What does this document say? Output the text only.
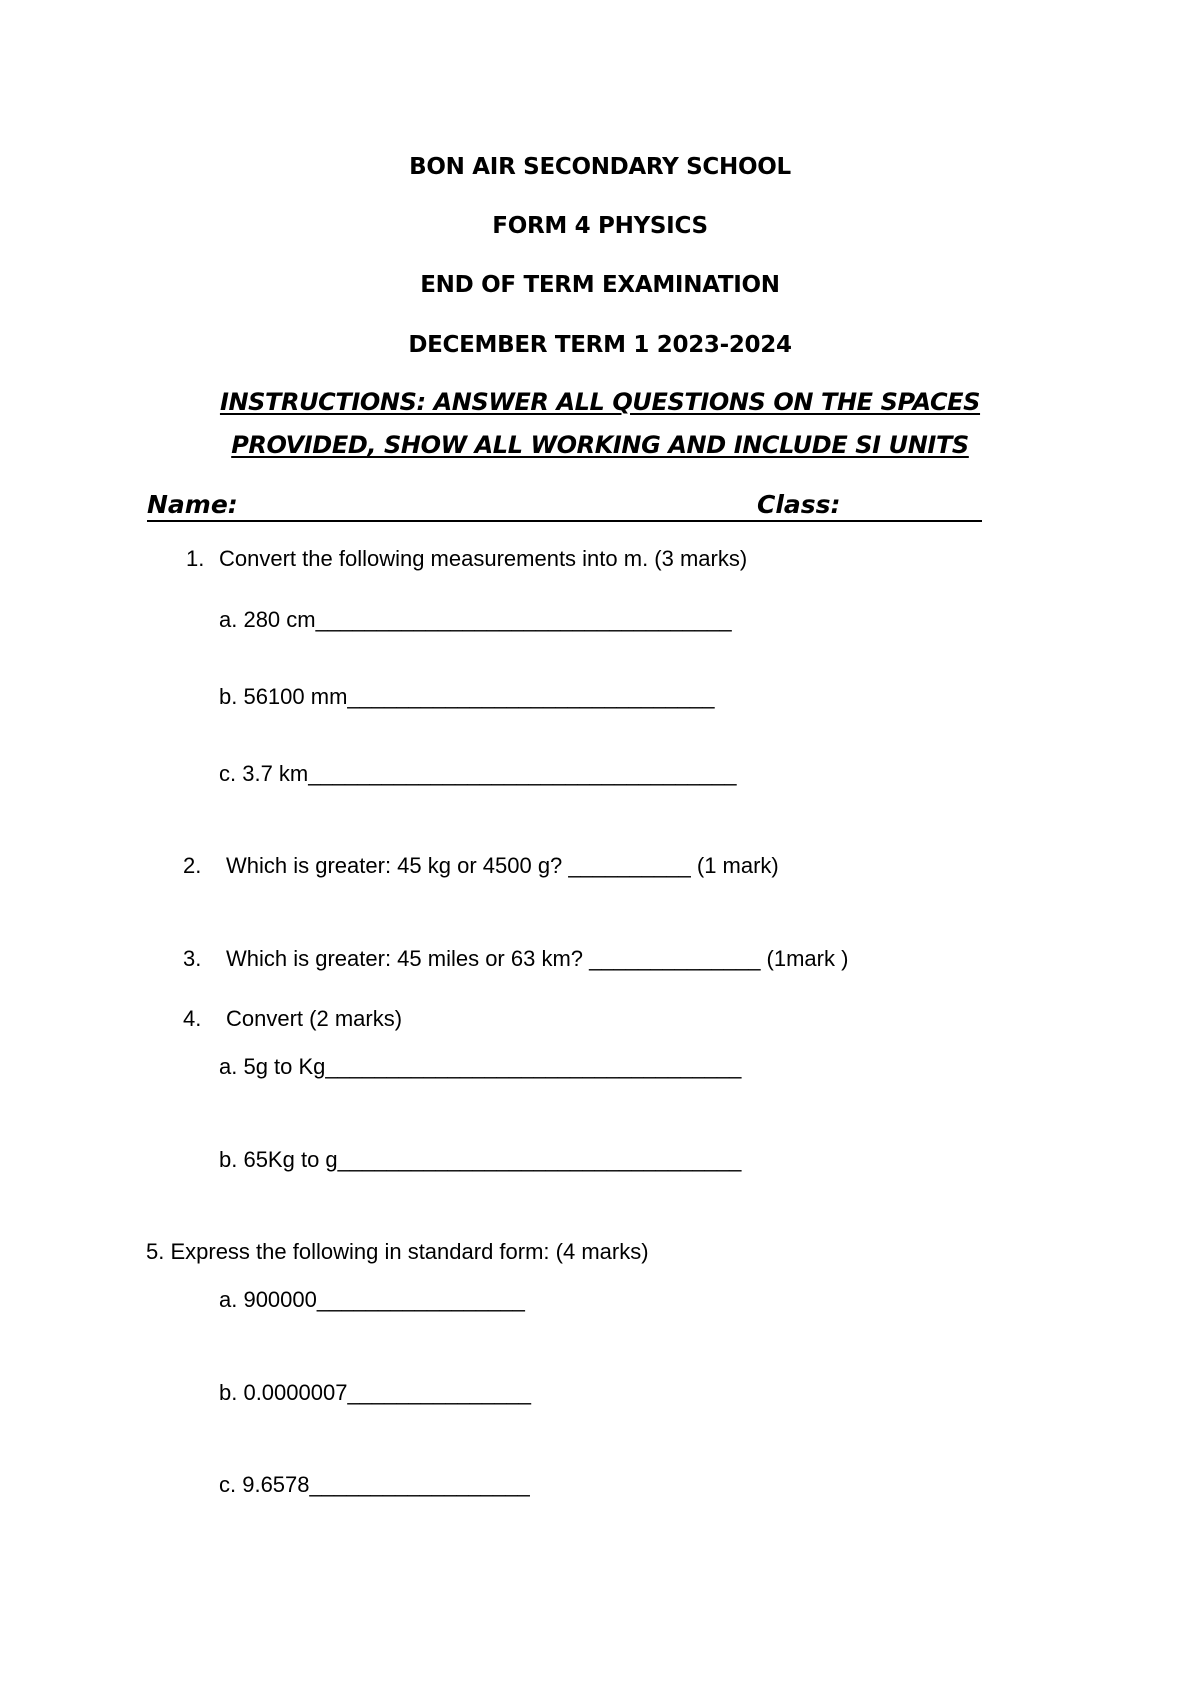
BON AIR SECONDARY SCHOOL
FORM 4 PHYSICS
END OF TERM EXAMINATION
DECEMBER TERM 1 2023-2024
INSTRUCTIONS: ANSWER ALL QUESTIONS ON THE SPACES
PROVIDED, SHOW ALL WORKING AND INCLUDE SI UNITS
Name:	Class:
1. Convert the following measurements into m. (3 marks)
a. 280 cm__________________________________
b. 56100 mm______________________________
c. 3.7 km___________________________________
2. Which is greater: 45 kg or 4500 g? __________ (1 mark)
3. Which is greater: 45 miles or 63 km? ______________ (1mark )
4. Convert (2 marks)
a. 5g to Kg__________________________________
b. 65Kg to g_________________________________
5. Express the following in standard form: (4 marks)
a. 900000_________________
b. 0.0000007_______________
c. 9.6578__________________
